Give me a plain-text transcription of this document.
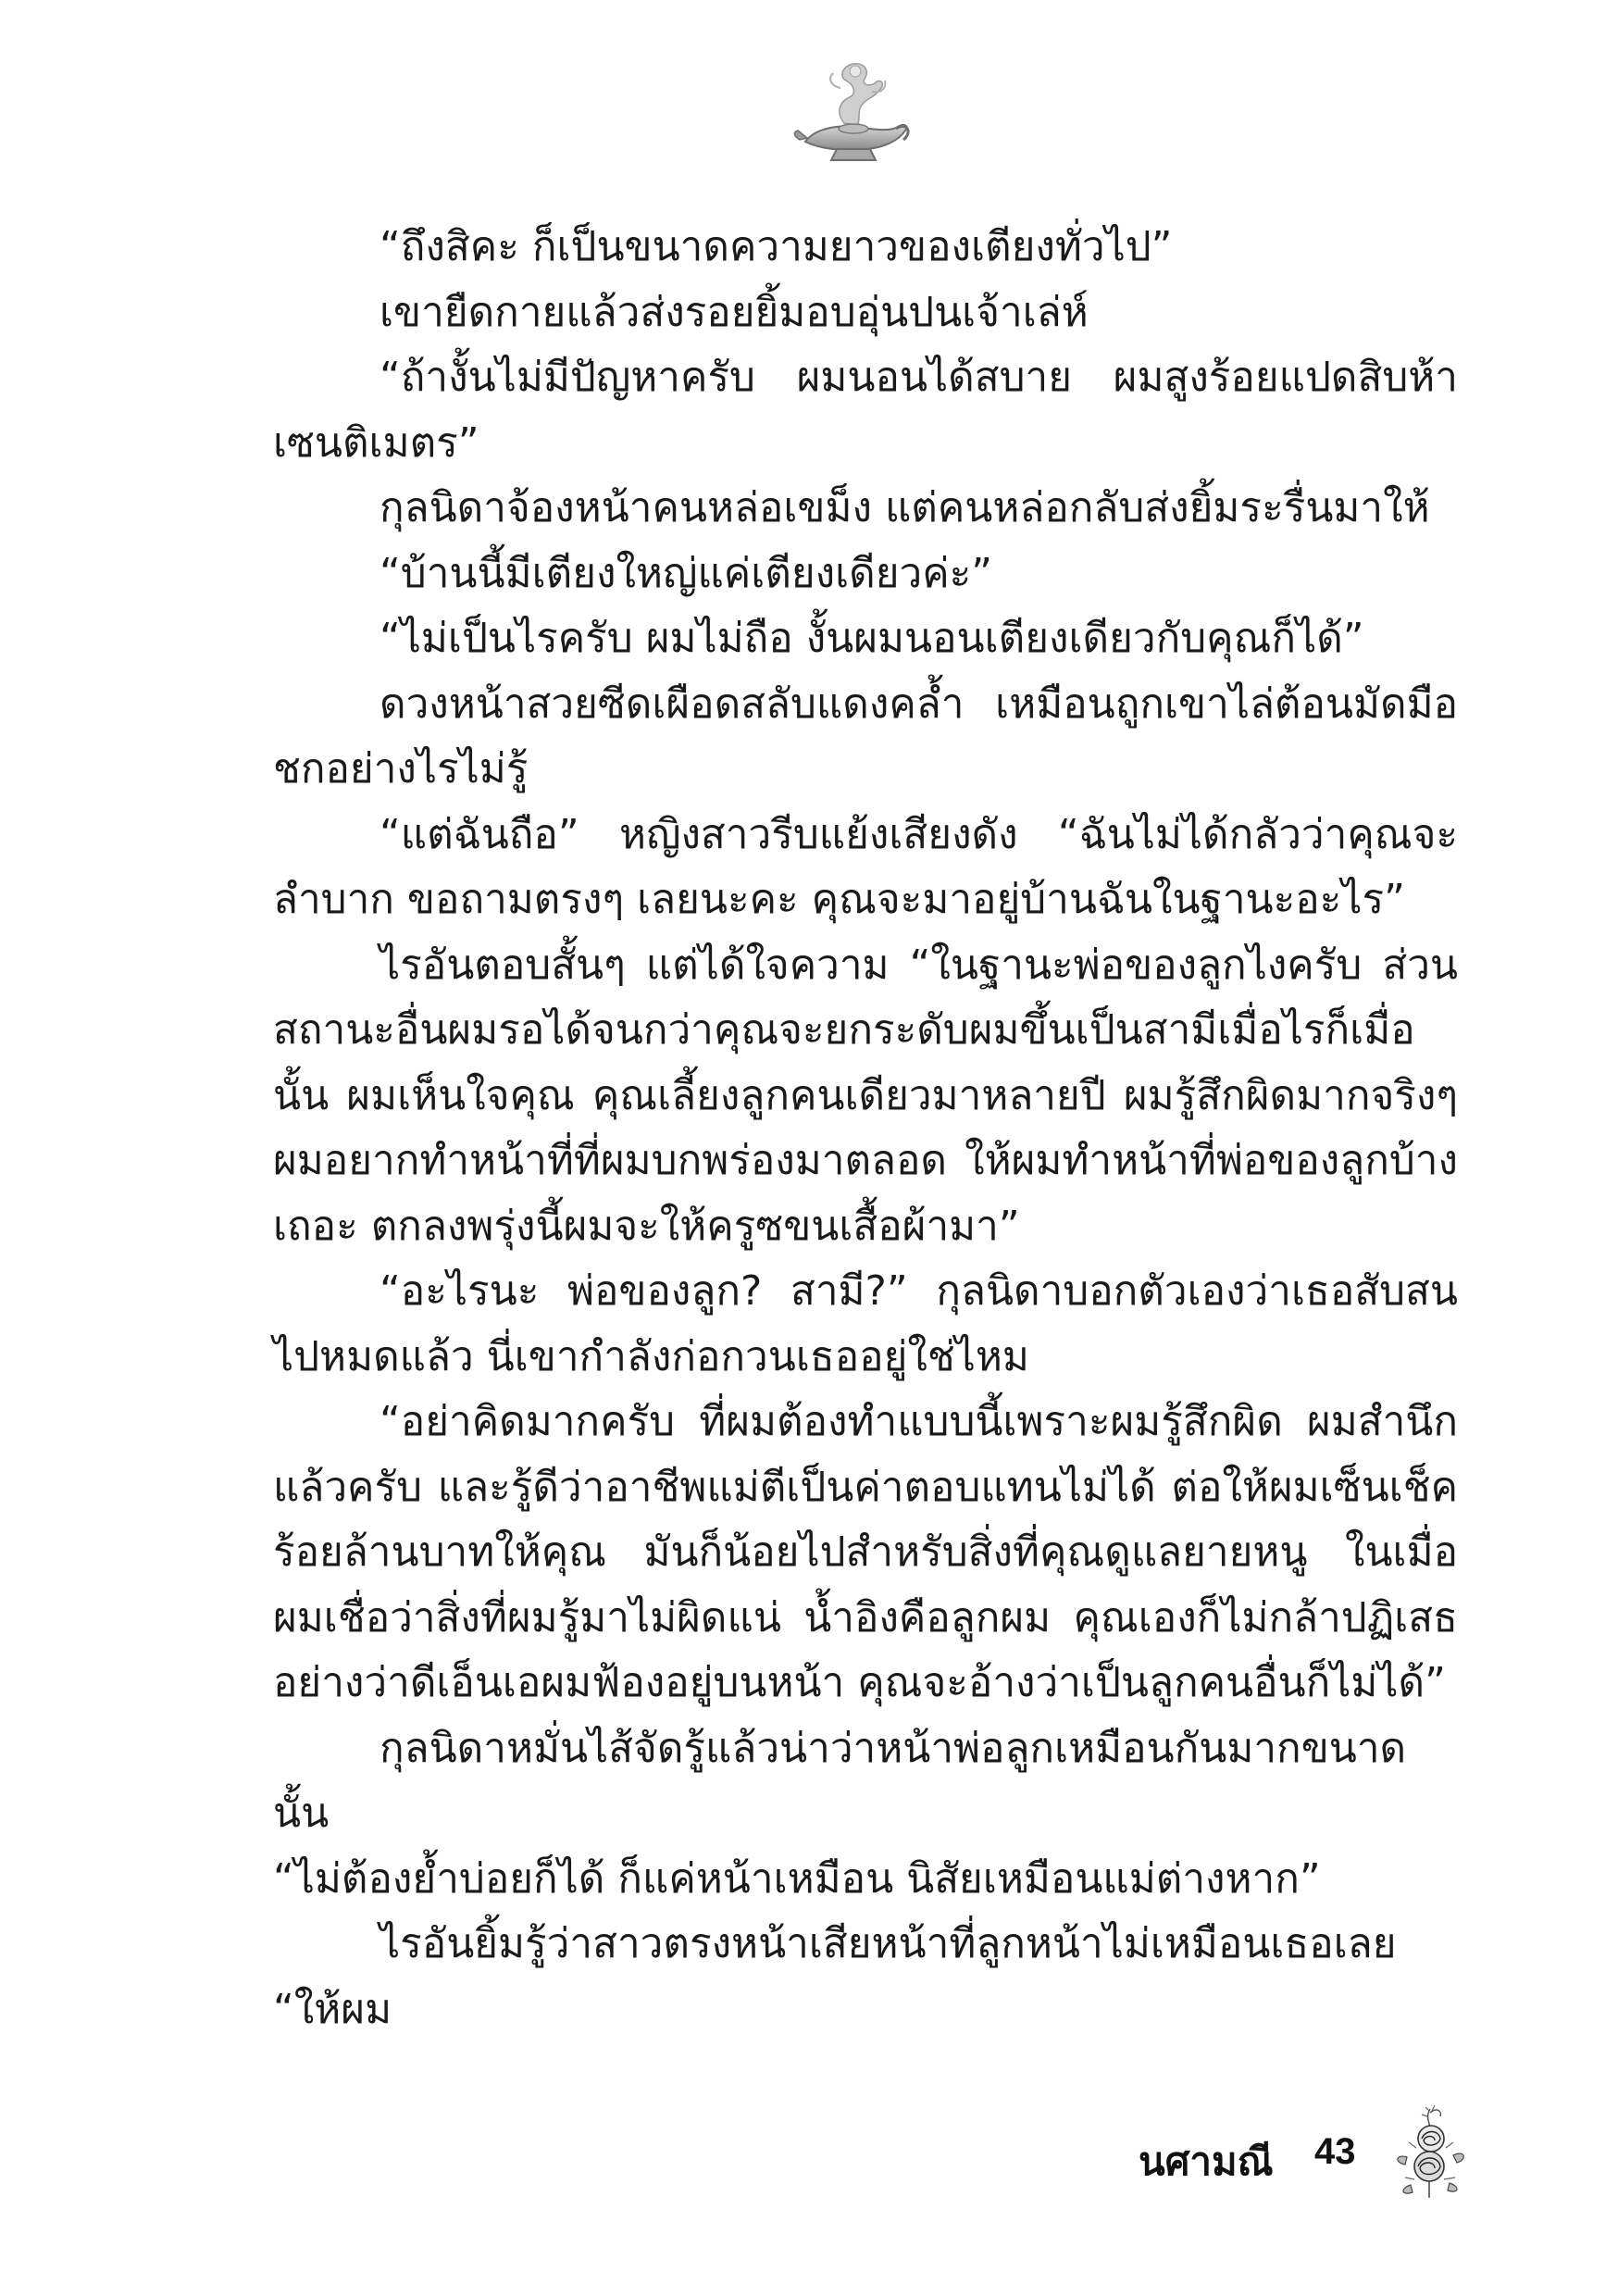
“ถึงสิคะ ก็เป็นขนาดความยาวของเตียงทั่วไป”

เขายืดกายแล้วส่งรอยยิ้มอบอุ่นปนเจ้าเล่ห์

“ถ้างั้นไม่มีปัญหาครับ ผมนอนได้สบาย ผมสูงร้อยแปดสิบห้าเซนติเมตร”

กุลนิดาจ้องหน้าคนหล่อเขม็ง แต่คนหล่อกลับส่งยิ้มระรื่นมาให้

“บ้านนี้มีเตียงใหญ่แค่เตียงเดียวค่ะ”

“ไม่เป็นไรครับ ผมไม่ถือ งั้นผมนอนเตียงเดียวกับคุณก็ได้”

ดวงหน้าสวยซีดเผือดสลับแดงคล้ำ เหมือนถูกเขาไล่ต้อนมัดมือชกอย่างไรไม่รู้

“แต่ฉันถือ” หญิงสาวรีบแย้งเสียงดัง “ฉันไม่ได้กลัวว่าคุณจะลำบาก ขอถามตรงๆ เลยนะคะ คุณจะมาอยู่บ้านฉันในฐานะอะไร”

ไรอันตอบสั้นๆ แต่ได้ใจความ “ในฐานะพ่อของลูกไงครับ ส่วนสถานะอื่นผมรอได้จนกว่าคุณจะยกระดับผมขึ้นเป็นสามีเมื่อไรก็เมื่อนั้น ผมเห็นใจคุณ คุณเลี้ยงลูกคนเดียวมาหลายปี ผมรู้สึกผิดมากจริงๆ ผมอยากทำหน้าที่ที่ผมบกพร่องมาตลอด ให้ผมทำหน้าที่พ่อของลูกบ้างเถอะ ตกลงพรุ่งนี้ผมจะให้ครูซขนเสื้อผ้ามา”

“อะไรนะ พ่อของลูก? สามี?” กุลนิดาบอกตัวเองว่าเธอสับสนไปหมดแล้ว นี่เขากำลังก่อกวนเธออยู่ใช่ไหม

“อย่าคิดมากครับ ที่ผมต้องทำแบบนี้เพราะผมรู้สึกผิด ผมสำนึกแล้วครับ และรู้ดีว่าอาชีพแม่ตีเป็นค่าตอบแทนไม่ได้ ต่อให้ผมเซ็นเช็คร้อยล้านบาทให้คุณ มันก็น้อยไปสำหรับสิ่งที่คุณดูแลยายหนู ในเมื่อผมเชื่อว่าสิ่งที่ผมรู้มาไม่ผิดแน่ น้ำอิงคือลูกผม คุณเองก็ไม่กล้าปฏิเสธ อย่างว่าดีเอ็นเอผมฟ้องอยู่บนหน้า คุณจะอ้างว่าเป็นลูกคนอื่นก็ไม่ได้”

กุลนิดาหมั่นไส้จัดรู้แล้วน่าว่าหน้าพ่อลูกเหมือนกันมากขนาดนั้น

“ไม่ต้องย้ำบ่อยก็ได้ ก็แค่หน้าเหมือน นิสัยเหมือนแม่ต่างหาก”

ไรอันยิ้มรู้ว่าสาวตรงหน้าเสียหน้าที่ลูกหน้าไม่เหมือนเธอเลย “ให้ผม

นศามณี 43
